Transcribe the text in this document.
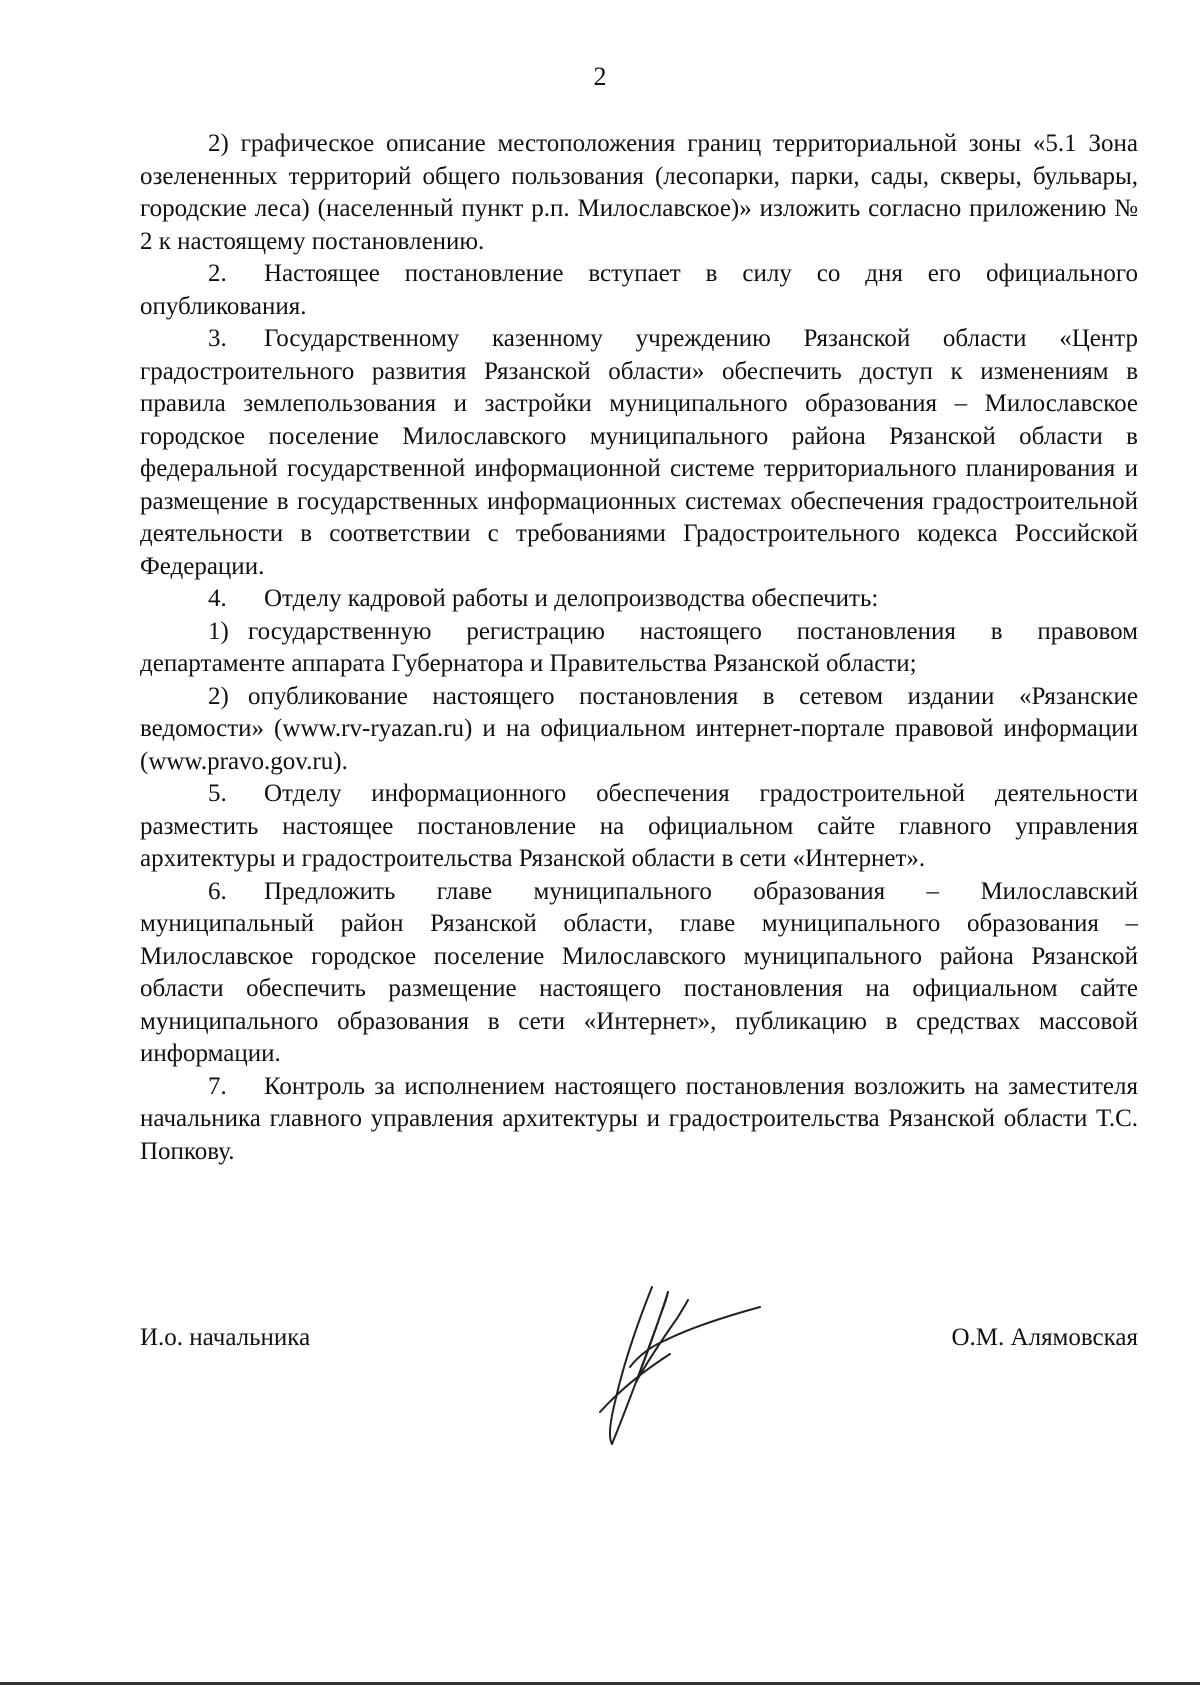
2

2) графическое описание местоположения границ территориальной зоны «5.1 Зона озелененных территорий общего пользования (лесопарки, парки, сады, скверы, бульвары, городские леса) (населенный пункт р.п. Милославское)» изложить согласно приложению № 2 к настоящему постановлению.

2. Настоящее постановление вступает в силу со дня его официального опубликования.

3. Государственному казенному учреждению Рязанской области «Центр градостроительного развития Рязанской области» обеспечить доступ к изменениям в правила землепользования и застройки муниципального образования – Милославское городское поселение Милославского муниципального района Рязанской области в федеральной государственной информационной системе территориального планирования и размещение в государственных информационных системах обеспечения градостроительной деятельности в соответствии с требованиями Градостроительного кодекса Российской Федерации.

4. Отделу кадровой работы и делопроизводства обеспечить:

1) государственную регистрацию настоящего постановления в правовом департаменте аппарата Губернатора и Правительства Рязанской области;

2) опубликование настоящего постановления в сетевом издании «Рязанские ведомости» (www.rv-ryazan.ru) и на официальном интернет-портале правовой информации (www.pravo.gov.ru).

5. Отделу информационного обеспечения градостроительной деятельности разместить настоящее постановление на официальном сайте главного управления архитектуры и градостроительства Рязанской области в сети «Интернет».

6. Предложить главе муниципального образования – Милославский муниципальный район Рязанской области, главе муниципального образования – Милославское городское поселение Милославского муниципального района Рязанской области обеспечить размещение настоящего постановления на официальном сайте муниципального образования в сети «Интернет», публикацию в средствах массовой информации.

7. Контроль за исполнением настоящего постановления возложить на заместителя начальника главного управления архитектуры и градостроительства Рязанской области Т.С. Попкову.

И.о. начальника	О.М. Алямовская
